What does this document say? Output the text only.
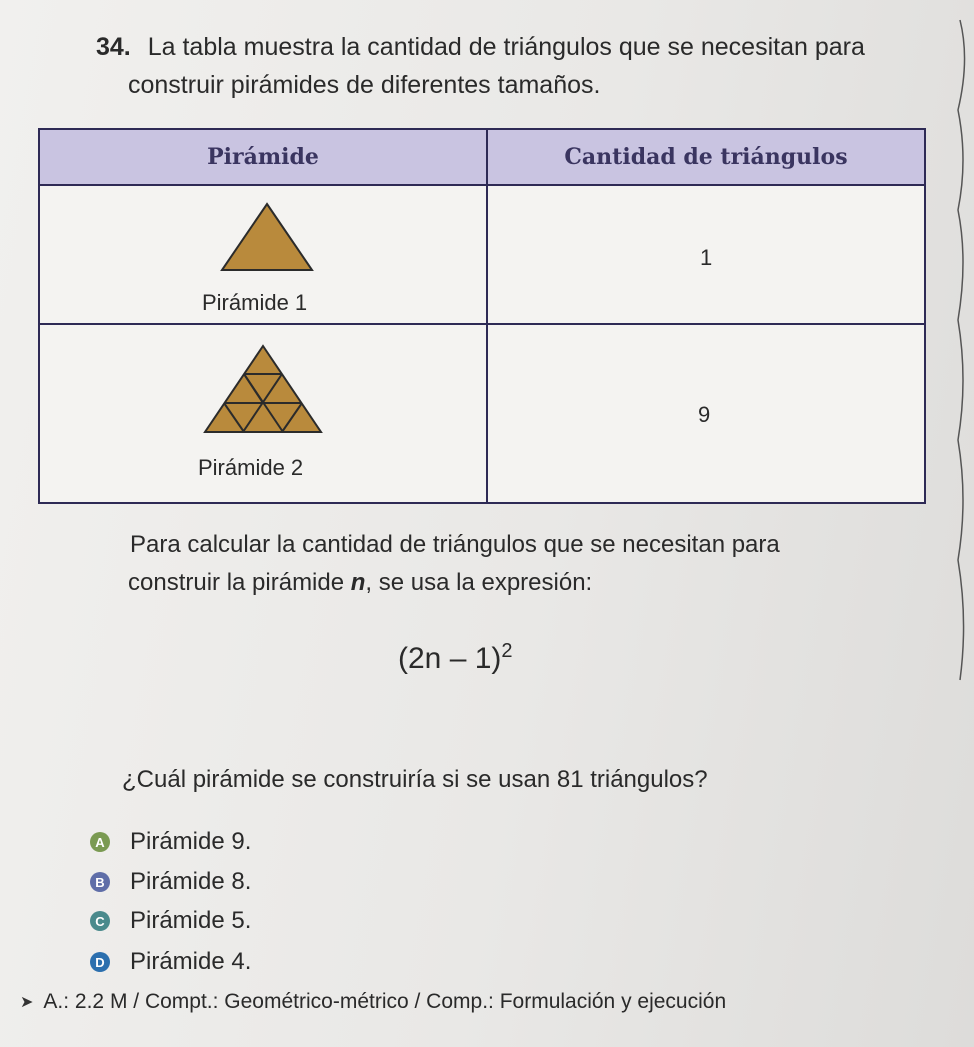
34. La tabla muestra la cantidad de triángulos que se necesitan para
construir pirámides de diferentes tamaños.
Pirámide	Cantidad de triángulos
Pirámide 1
1
Pirámide 2
9
Para calcular la cantidad de triángulos que se necesitan para
construir la pirámide n, se usa la expresión:
(2n – 1)$^2$
¿Cuál pirámide se construiría si se usan 81 triángulos?
A Pirámide 9.
B Pirámide 8.
C Pirámide 5.
D Pirámide 4.
➤ A.: 2.2 M / Compt.: Geométrico-métrico / Comp.: Formulación y ejecución
